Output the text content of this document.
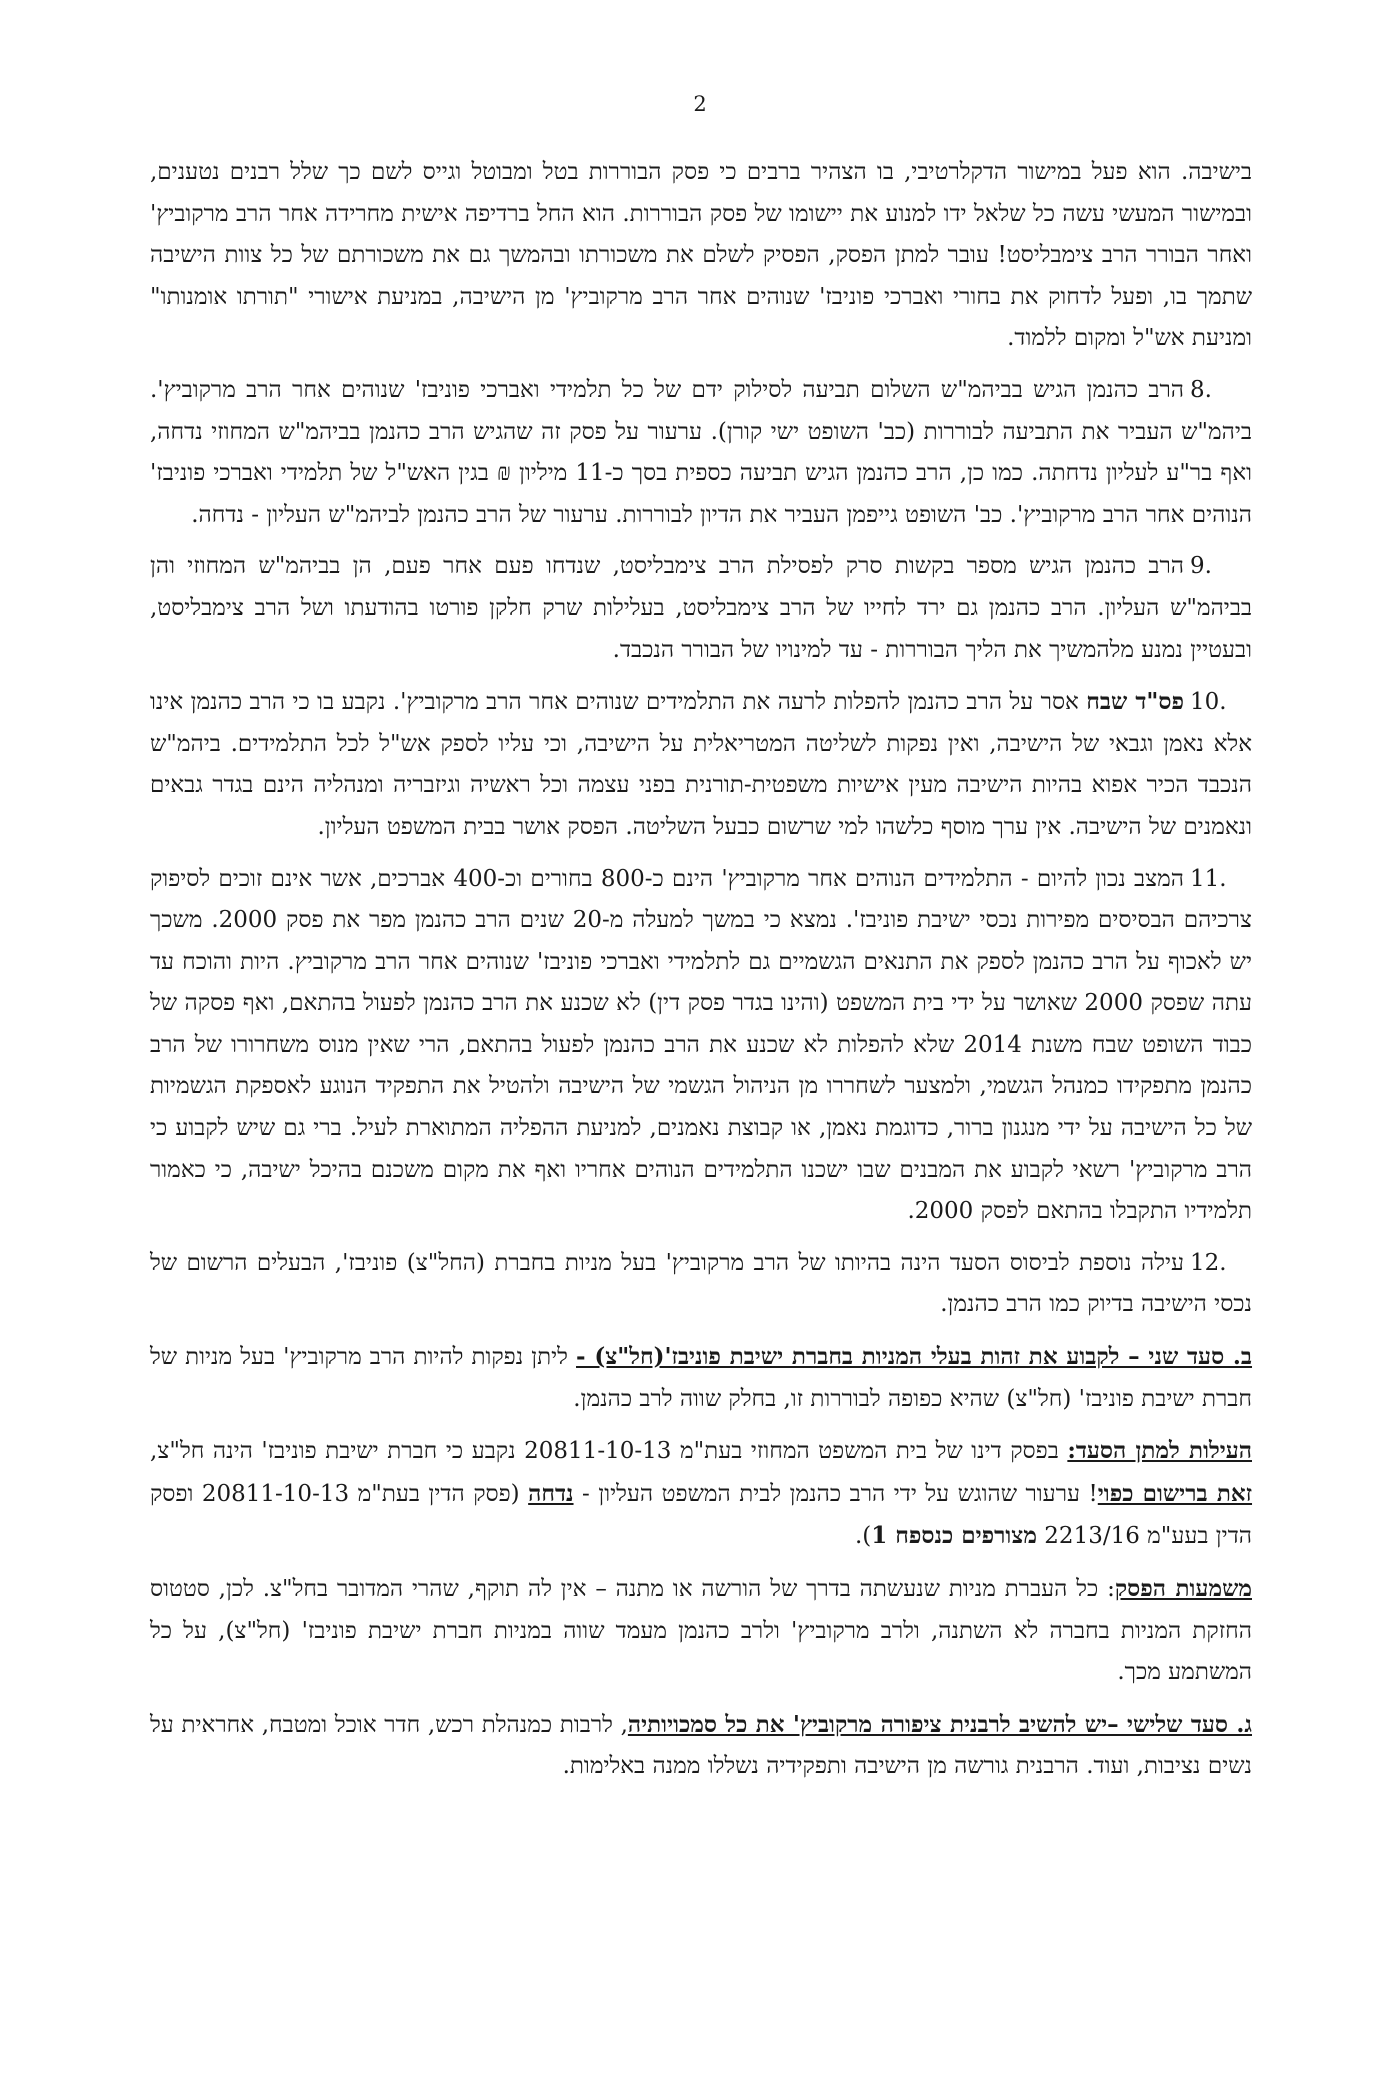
2

בישיבה. הוא פעל במישור הדקלרטיבי, בו הצהיר ברבים כי פסק הבוררות בטל ומבוטל וגייס לשם כך שלל רבנים נטענים, ובמישור המעשי עשה כל שלאל ידו למנוע את יישומו של פסק הבוררות. הוא החל ברדיפה אישית מחרידה אחר הרב מרקוביץ' ואחר הבורר הרב צימבליסט! עובר למתן הפסק, הפסיק לשלם את משכורתו ובהמשך גם את משכורתם של כל צוות הישיבה שתמך בו, ופעל לדחוק את בחורי ואברכי פוניבז' שנוהים אחר הרב מרקוביץ' מן הישיבה, במניעת אישורי "תורתו אומנותו" ומניעת אש"ל ומקום ללמוד.

8.הרב כהנמן הגיש בביהמ"ש השלום תביעה לסילוק ידם של כל תלמידי ואברכי פוניבז' שנוהים אחר הרב מרקוביץ'. ביהמ"ש העביר את התביעה לבוררות (כב' השופט ישי קורן). ערעור על פסק זה שהגיש הרב כהנמן בביהמ"ש המחוזי נדחה, ואף בר"ע לעליון נדחתה. כמו כן, הרב כהנמן הגיש תביעה כספית בסך כ-11 מיליון ₪ בגין האש"ל של תלמידי ואברכי פוניבז' הנוהים אחר הרב מרקוביץ'. כב' השופט גייפמן העביר את הדיון לבוררות. ערעור של הרב כהנמן לביהמ"ש העליון - נדחה.

9.הרב כהנמן הגיש מספר בקשות סרק לפסילת הרב צימבליסט, שנדחו פעם אחר פעם, הן בביהמ"ש המחוזי והן בביהמ"ש העליון. הרב כהנמן גם ירד לחייו של הרב צימבליסט, בעלילות שרק חלקן פורטו בהודעתו ושל הרב צימבליסט, ובעטיין נמנע מלהמשיך את הליך הבוררות - עד למינויו של הבורר הנכבד.

10.פס"ד שבח אסר על הרב כהנמן להפלות לרעה את התלמידים שנוהים אחר הרב מרקוביץ'. נקבע בו כי הרב כהנמן אינו אלא נאמן וגבאי של הישיבה, ואין נפקות לשליטה המטריאלית על הישיבה, וכי עליו לספק אש"ל לכל התלמידים. ביהמ"ש הנכבד הכיר אפוא בהיות הישיבה מעין אישיות משפטית-תורנית בפני עצמה וכל ראשיה וגיזבריה ומנהליה הינם בגדר גבאים ונאמנים של הישיבה. אין ערך מוסף כלשהו למי שרשום כבעל השליטה. הפסק אושר בבית המשפט העליון.

11.המצב נכון להיום - התלמידים הנוהים אחר מרקוביץ' הינם כ-800 בחורים וכ-400 אברכים, אשר אינם זוכים לסיפוק צרכיהם הבסיסים מפירות נכסי ישיבת פוניבז'. נמצא כי במשך למעלה מ-20 שנים הרב כהנמן מפר את פסק 2000. משכך יש לאכוף על הרב כהנמן לספק את התנאים הגשמיים גם לתלמידי ואברכי פוניבז' שנוהים אחר הרב מרקוביץ. היות והוכח עד עתה שפסק 2000 שאושר על ידי בית המשפט (והינו בגדר פסק דין) לא שכנע את הרב כהנמן לפעול בהתאם, ואף פסקה של כבוד השופט שבח משנת 2014 שלא להפלות לא שכנע את הרב כהנמן לפעול בהתאם, הרי שאין מנוס משחרורו של הרב כהנמן מתפקידו כמנהל הגשמי, ולמצער לשחררו מן הניהול הגשמי של הישיבה ולהטיל את התפקיד הנוגע לאספקת הגשמיות של כל הישיבה על ידי מנגנון ברור, כדוגמת נאמן, או קבוצת נאמנים, למניעת ההפליה המתוארת לעיל. ברי גם שיש לקבוע כי הרב מרקוביץ' רשאי לקבוע את המבנים שבו ישכנו התלמידים הנוהים אחריו ואף את מקום משכנם בהיכל ישיבה, כי כאמור תלמידיו התקבלו בהתאם לפסק 2000.

12.עילה נוספת לביסוס הסעד הינה בהיותו של הרב מרקוביץ' בעל מניות בחברת (החל"צ) פוניבז', הבעלים הרשום של נכסי הישיבה בדיוק כמו הרב כהנמן.

ב. סעד שני – לקבוע את זהות בעלי המניות בחברת ישיבת פוניבז'(חל"צ) - ליתן נפקות להיות הרב מרקוביץ' בעל מניות של חברת ישיבת פוניבז' (חל"צ) שהיא כפופה לבוררות זו, בחלק שווה לרב כהנמן.

העילות למתן הסעד: בפסק דינו של בית המשפט המחוזי בעת"מ 20811-10-13 נקבע כי חברת ישיבת פוניבז' הינה חל"צ, זאת ברישום כפוי! ערעור שהוגש על ידי הרב כהנמן לבית המשפט העליון - נדחה (פסק הדין בעת"מ 20811-10-13 ופסק הדין בעע"מ 2213/16 מצורפים כנספח 1).

משמעות הפסק: כל העברת מניות שנעשתה בדרך של הורשה או מתנה – אין לה תוקף, שהרי המדובר בחל"צ. לכן, סטטוס החזקת המניות בחברה לא השתנה, ולרב מרקוביץ' ולרב כהנמן מעמד שווה במניות חברת ישיבת פוניבז' (חל"צ), על כל המשתמע מכך.

ג. סעד שלישי –יש להשיב לרבנית ציפורה מרקוביץ' את כל סמכויותיה, לרבות כמנהלת רכש, חדר אוכל ומטבח, אחראית על נשים נציבות, ועוד. הרבנית גורשה מן הישיבה ותפקידיה נשללו ממנה באלימות.
